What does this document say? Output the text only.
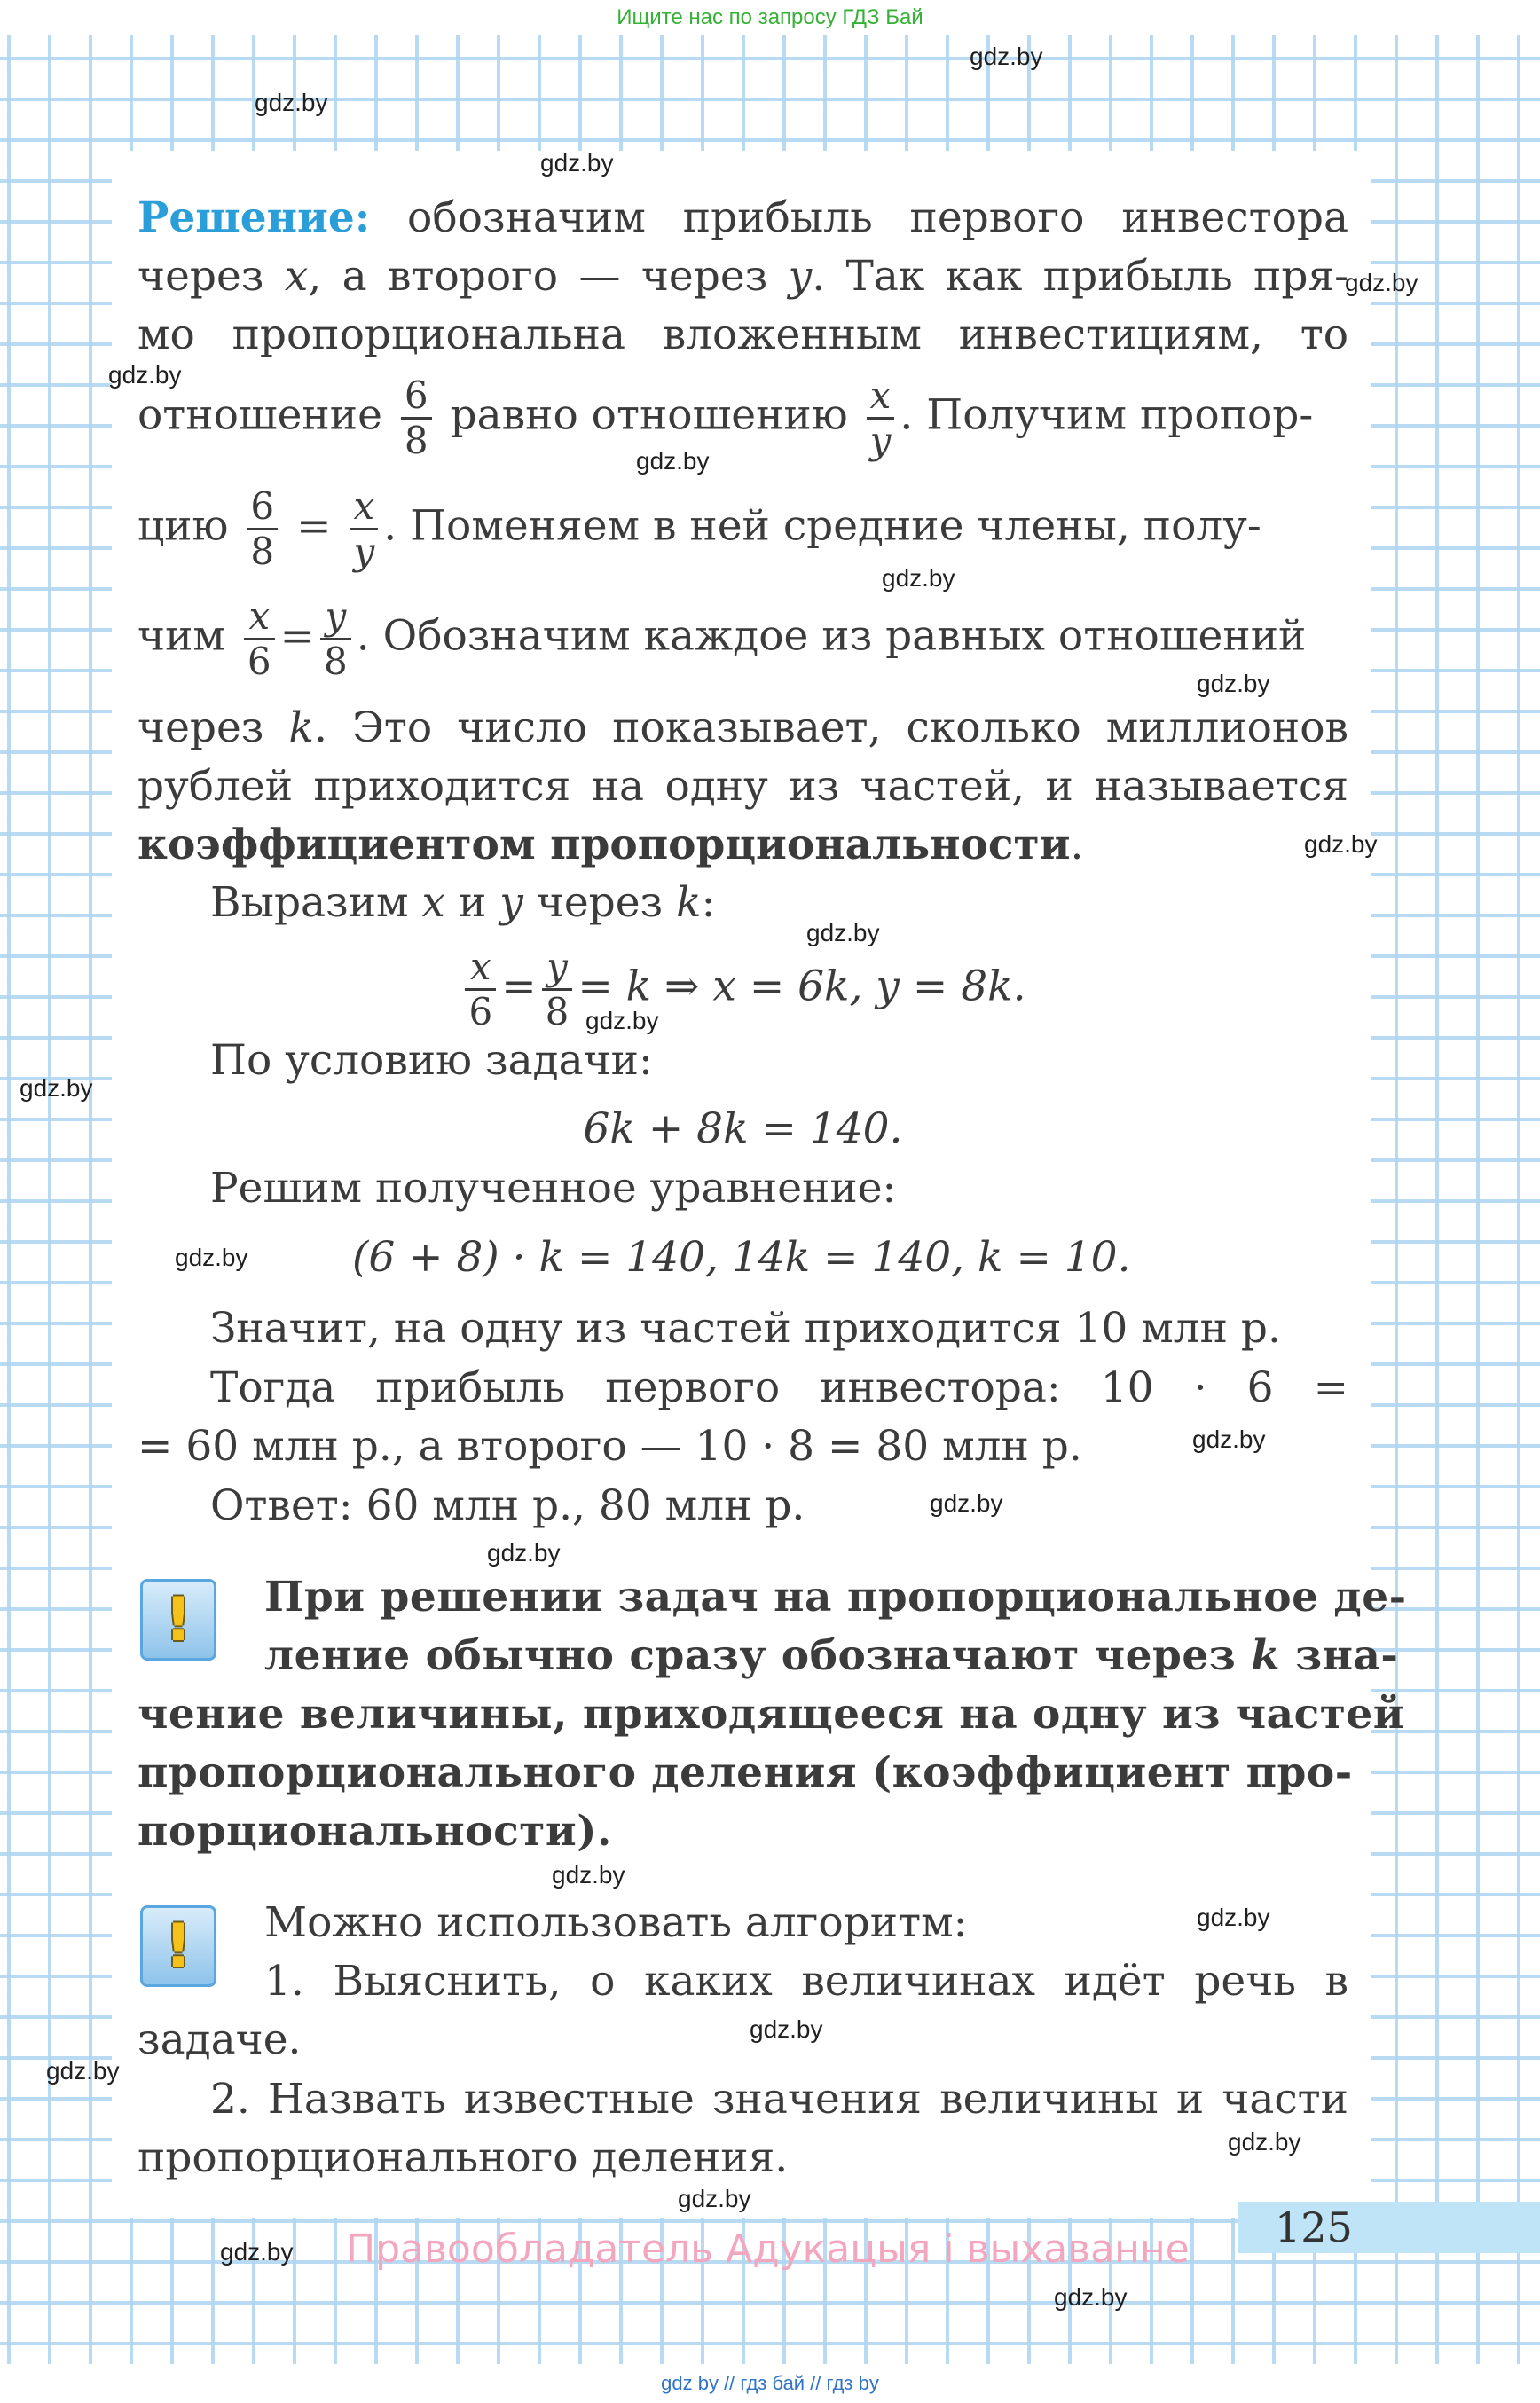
Ищите нас по запросу ГДЗ Бай
Решение: обозначим прибыль первого инвестора
через x, а второго — через y. Так как прибыль пря-
мо пропорциональна вложенным инвестициям, то
отношение $\frac{6}{8}$ равно отношению $\frac{x}{y}$ . Получим пропор-
цию $\frac{6}{8} = \frac{x}{y}$ . Поменяем в ней средние члены, полу-
чим $\frac{x}{6} = \frac{y}{8}$ . Обозначим каждое из равных отношений
через k. Это число показывает, сколько миллионов
рублей приходится на одну из частей, и называется
коэффициентом пропорциональности.
Выразим x и y через k:
$\frac{x}{6} = \frac{y}{8} = k$ ⇒ x = 6k, y = 8k.
По условию задачи:
6k + 8k = 140.
Решим полученное уравнение:
(6 + 8) · k = 140, 14k = 140, k = 10.
Значит, на одну из частей приходится 10 млн р.
Тогда прибыль первого инвестора: 10 · 6 =
= 60 млн р., а второго — 10 · 8 = 80 млн р.
Ответ: 60 млн р., 80 млн р.
!	При решении задач на пропорциональное де-
ление обычно сразу обозначают через k зна-
чение величины, приходящееся на одну из частей
пропорционального деления (коэффициент про-
порциональности).
!	Можно использовать алгоритм:
1. Выяснить, о каких величинах идёт речь в
задаче.
2. Назвать известные значения величины и части
пропорционального деления.
125
Правообладатель Адукацыя і выхаванне
gdz.by
gdz.by
gdz.by
gdz.by
gdz.by
gdz.by
gdz.by
gdz.by
gdz.by
gdz.by
gdz.by
gdz.by
gdz.by
gdz.by
gdz.by
gdz.by
gdz.by
gdz.by
gdz.by
gdz.by
gdz.by
gdz.by
gdz.by
gdz.by
gdz by // гдз бай // гдз by
